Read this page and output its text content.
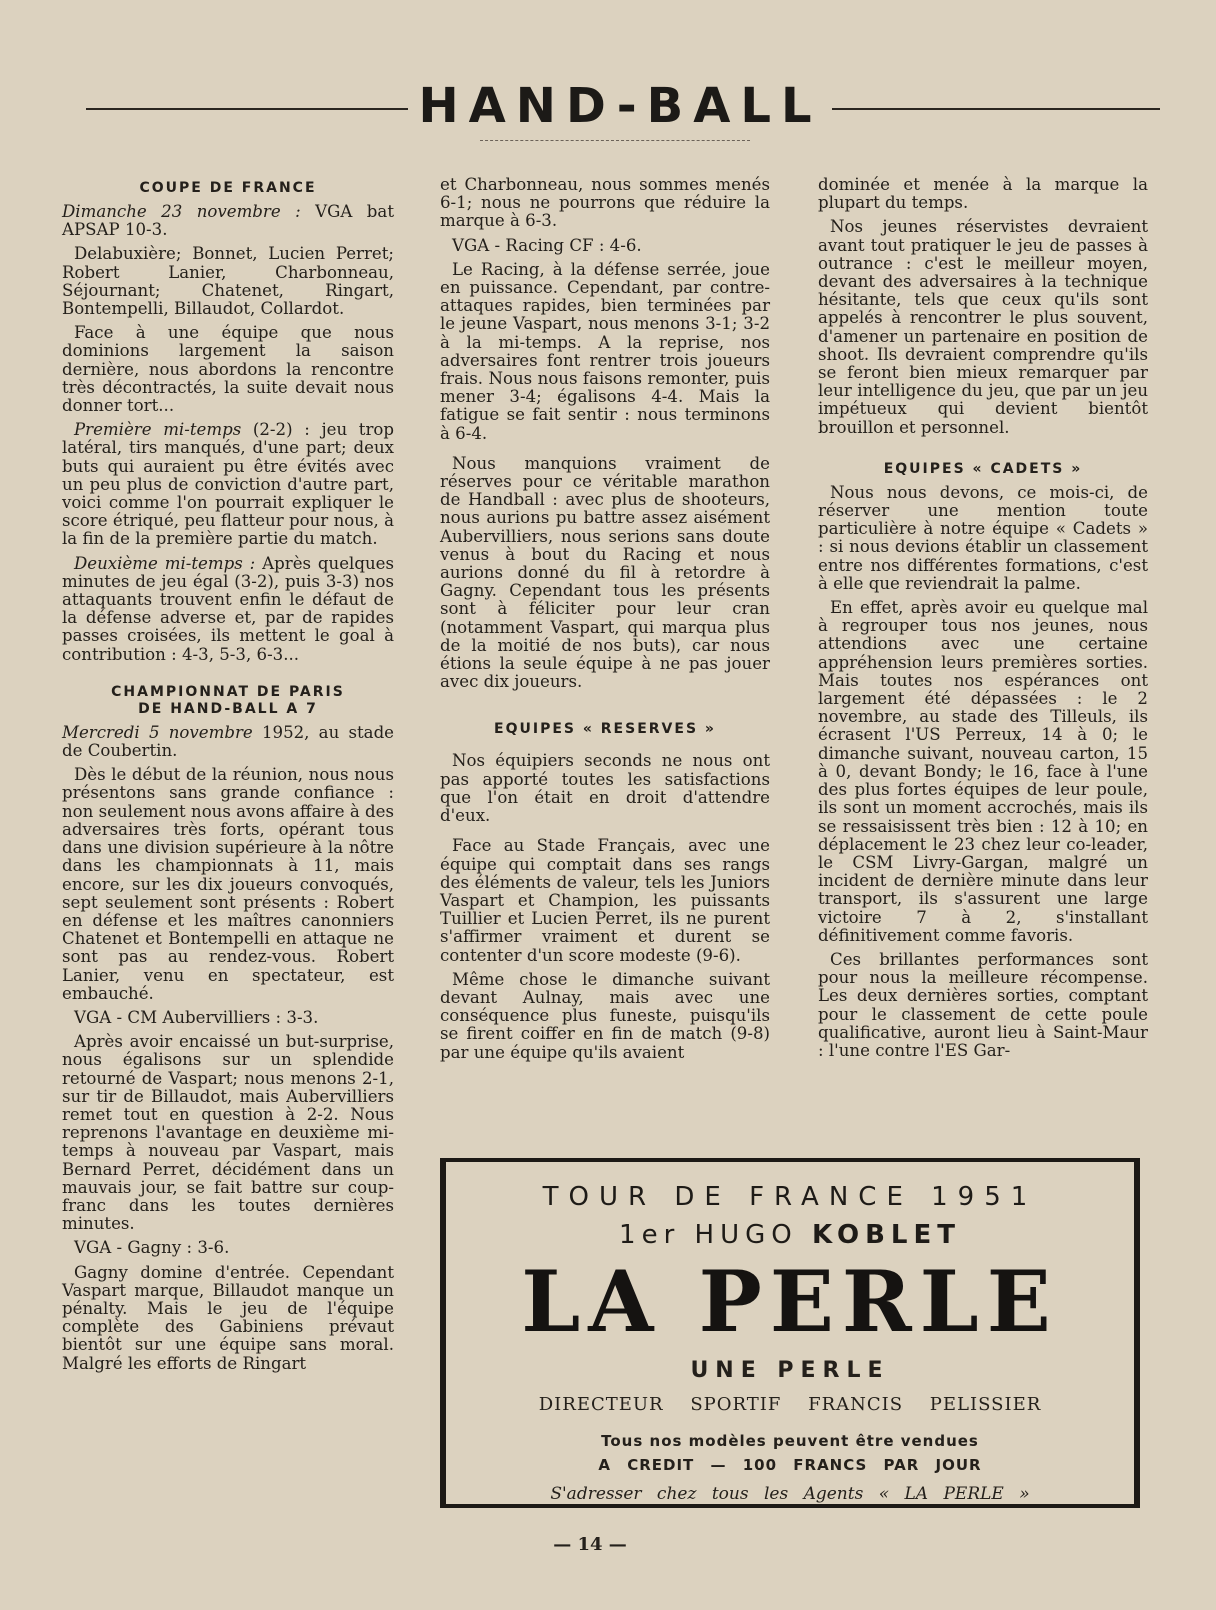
HAND-BALL
COUPE DE FRANCE

Dimanche 23 novembre : VGA bat APSAP 10-3.

Delabuxière; Bonnet, Lucien Perret; Robert Lanier, Charbonneau, Séjournant; Chatenet, Ringart, Bontempelli, Billaudot, Collardot.

Face à une équipe que nous dominions largement la saison dernière, nous abordons la rencontre très décontractés, la suite devait nous donner tort...

Première mi-temps (2-2) : jeu trop latéral, tirs manqués, d'une part; deux buts qui auraient pu être évités avec un peu plus de conviction d'autre part, voici comme l'on pourrait expliquer le score étriqué, peu flatteur pour nous, à la fin de la première partie du match.

Deuxième mi-temps : Après quelques minutes de jeu égal (3-2), puis 3-3) nos attaquants trouvent enfin le défaut de la défense adverse et, par de rapides passes croisées, ils mettent le goal à contribution : 4-3, 5-3, 6-3...

CHAMPIONNAT DE PARIS
DE HAND-BALL A 7

Mercredi 5 novembre 1952, au stade de Coubertin.

Dès le début de la réunion, nous nous présentons sans grande confiance : non seulement nous avons affaire à des adversaires très forts, opérant tous dans une division supérieure à la nôtre dans les championnats à 11, mais encore, sur les dix joueurs convoqués, sept seulement sont présents : Robert en défense et les maîtres canonniers Chatenet et Bontempelli en attaque ne sont pas au rendez-vous. Robert Lanier, venu en spectateur, est embauché.

VGA - CM Aubervilliers : 3-3.

Après avoir encaissé un but-surprise, nous égalisons sur un splendide retourné de Vaspart; nous menons 2-1, sur tir de Billaudot, mais Aubervilliers remet tout en question à 2-2. Nous reprenons l'avantage en deuxième mi-temps à nouveau par Vaspart, mais Bernard Perret, décidément dans un mauvais jour, se fait battre sur coup-franc dans les toutes dernières minutes.

VGA - Gagny : 3-6.

Gagny domine d'entrée. Cependant Vaspart marque, Billaudot manque un pénalty. Mais le jeu de l'équipe complète des Gabiniens prévaut bientôt sur une équipe sans moral. Malgré les efforts de Ringart

et Charbonneau, nous sommes menés 6-1; nous ne pourrons que réduire la marque à 6-3.

VGA - Racing CF : 4-6.

Le Racing, à la défense serrée, joue en puissance. Cependant, par contre-attaques rapides, bien terminées par le jeune Vaspart, nous menons 3-1; 3-2 à la mi-temps. A la reprise, nos adversaires font rentrer trois joueurs frais. Nous nous faisons remonter, puis mener 3-4; égalisons 4-4. Mais la fatigue se fait sentir : nous terminons à 6-4.

Nous manquions vraiment de réserves pour ce véritable marathon de Handball : avec plus de shooteurs, nous aurions pu battre assez aisément Aubervilliers, nous serions sans doute venus à bout du Racing et nous aurions donné du fil à retordre à Gagny. Cependant tous les présents sont à féliciter pour leur cran (notamment Vaspart, qui marqua plus de la moitié de nos buts), car nous étions la seule équipe à ne pas jouer avec dix joueurs.

EQUIPES « RESERVES »

Nos équipiers seconds ne nous ont pas apporté toutes les satisfactions que l'on était en droit d'attendre d'eux.

Face au Stade Français, avec une équipe qui comptait dans ses rangs des éléments de valeur, tels les Juniors Vaspart et Champion, les puissants Tuillier et Lucien Perret, ils ne purent s'affirmer vraiment et durent se contenter d'un score modeste (9-6).

Même chose le dimanche suivant devant Aulnay, mais avec une conséquence plus funeste, puisqu'ils se firent coiffer en fin de match (9-8) par une équipe qu'ils avaient

dominée et menée à la marque la plupart du temps.

Nos jeunes réservistes devraient avant tout pratiquer le jeu de passes à outrance : c'est le meilleur moyen, devant des adversaires à la technique hésitante, tels que ceux qu'ils sont appelés à rencontrer le plus souvent, d'amener un partenaire en position de shoot. Ils devraient comprendre qu'ils se feront bien mieux remarquer par leur intelligence du jeu, que par un jeu impétueux qui devient bientôt brouillon et personnel.

EQUIPES « CADETS »

Nous nous devons, ce mois-ci, de réserver une mention toute particulière à notre équipe « Cadets » : si nous devions établir un classement entre nos différentes formations, c'est à elle que reviendrait la palme.

En effet, après avoir eu quelque mal à regrouper tous nos jeunes, nous attendions avec une certaine appréhension leurs premières sorties. Mais toutes nos espérances ont largement été dépassées : le 2 novembre, au stade des Tilleuls, ils écrasent l'US Perreux, 14 à 0; le dimanche suivant, nouveau carton, 15 à 0, devant Bondy; le 16, face à l'une des plus fortes équipes de leur poule, ils sont un moment accrochés, mais ils se ressaisissent très bien : 12 à 10; en déplacement le 23 chez leur co-leader, le CSM Livry-Gargan, malgré un incident de dernière minute dans leur transport, ils s'assurent une large victoire 7 à 2, s'installant définitivement comme favoris.

Ces brillantes performances sont pour nous la meilleure récompense. Les deux dernières sorties, comptant pour le classement de cette poule qualificative, auront lieu à Saint-Maur : l'une contre l'ES Gar-

TOUR DE FRANCE 1951
1er HUGO KOBLET
LA PERLE
UNE PERLE
DIRECTEUR SPORTIF FRANCIS PELISSIER
Tous nos modèles peuvent être vendues
A CREDIT — 100 FRANCS PAR JOUR
S'adresser chez tous les Agents « LA PERLE »
— 14 —
